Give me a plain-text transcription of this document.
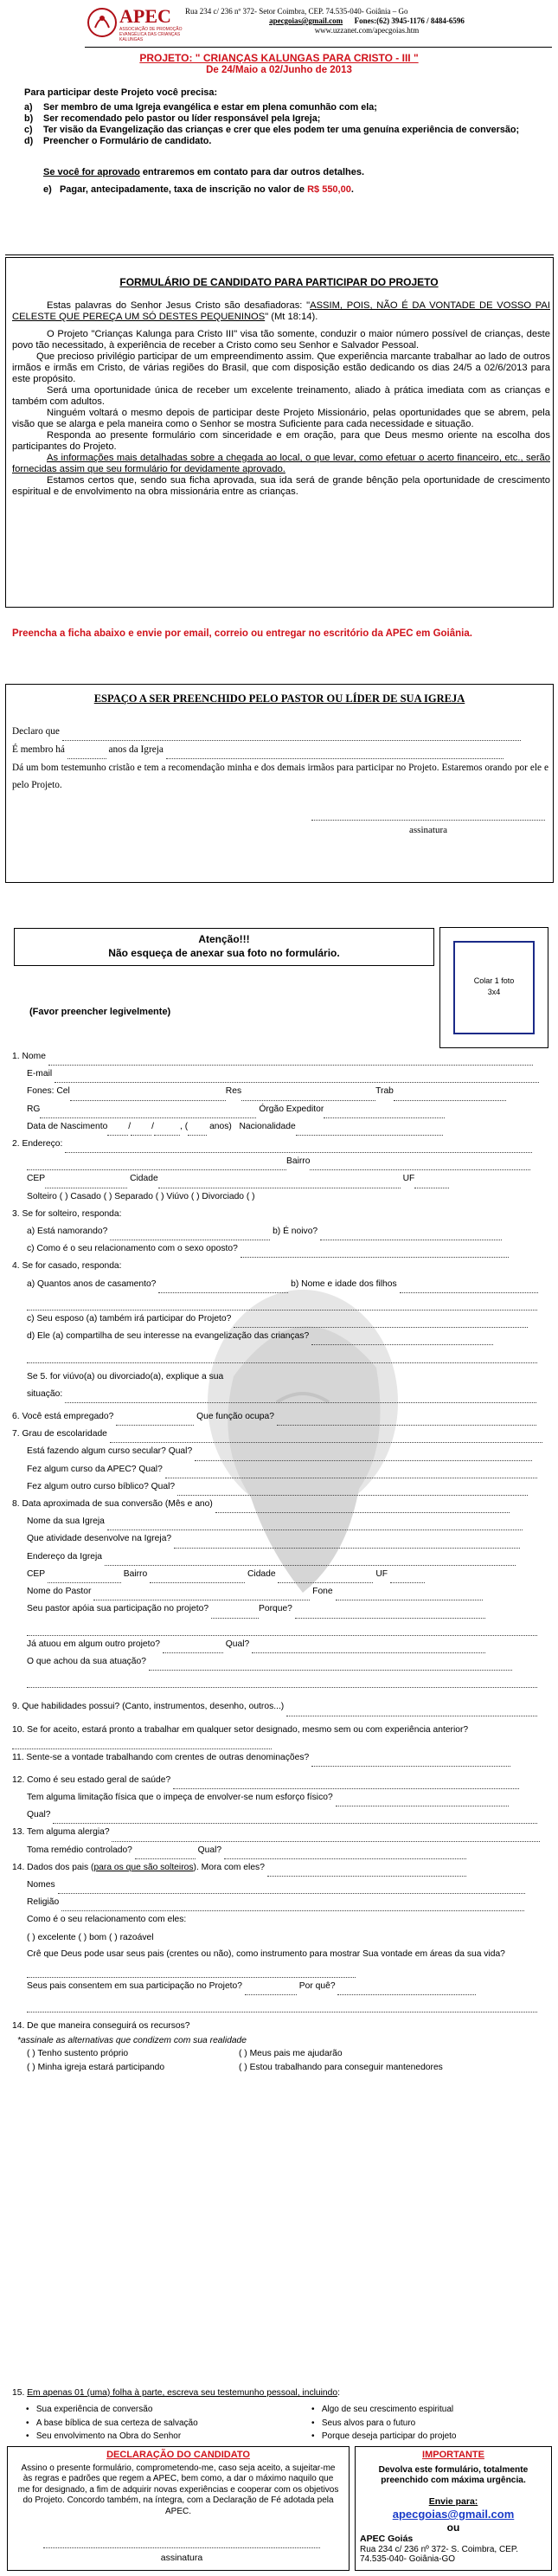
APEC
ASSOCIAÇÃO DE PROMOÇÃO
EVANGÉLICA DAS CRIANÇAS
KALUNGAS
Rua 234 c/ 236 nº 372- Setor Coimbra, CEP. 74.535-040- Goiânia – Go
apecgoias@gmail.com Fones:(62) 3945-1176 / 8484-6596
www.uzzanet.com/apecgoias.htm
PROJETO: " CRIANÇAS KALUNGAS PARA CRISTO - III "
De 24/Maio a 02/Junho de 2013
Para participar deste Projeto você precisa:
a) Ser membro de uma Igreja evangélica e estar em plena comunhão com ela;
b) Ser recomendado pelo pastor ou líder responsável pela Igreja;
c) Ter visão da Evangelização das crianças e crer que eles podem ter uma genuína experiência de conversão;
d) Preencher o Formulário de candidato.
Se você for aprovado entraremos em contato para dar outros detalhes.
e) Pagar, antecipadamente, taxa de inscrição no valor de R$ 550,00.
FORMULÁRIO DE CANDIDATO PARA PARTICIPAR DO PROJETO
Estas palavras do Senhor Jesus Cristo são desafiadoras: "ASSIM, POIS, NÃO É DA VONTADE DE VOSSO PAI CELESTE QUE PEREÇA UM SÓ DESTES PEQUENINOS" (Mt 18:14).
O Projeto "Crianças Kalunga para Cristo III" visa tão somente, conduzir o maior número possível de crianças, deste povo tão necessitado, à experiência de receber a Cristo como seu Senhor e Salvador Pessoal.
Que precioso privilégio participar de um empreendimento assim. Que experiência marcante trabalhar ao lado de outros irmãos e irmãs em Cristo, de várias regiões do Brasil, que com disposição estão dedicando os dias 24/5 a 02/6/2013 para este propósito.
Será uma oportunidade única de receber um excelente treinamento, aliado à prática imediata com as crianças e também com adultos.
Ninguém voltará o mesmo depois de participar deste Projeto Missionário, pelas oportunidades que se abrem, pela visão que se alarga e pela maneira como o Senhor se mostra Suficiente para cada necessidade e situação.
Responda ao presente formulário com sinceridade e em oração, para que Deus mesmo oriente na escolha dos participantes do Projeto.
As informações mais detalhadas sobre a chegada ao local, o que levar, como efetuar o acerto financeiro, etc., serão fornecidas assim que seu formulário for devidamente aprovado.
Estamos certos que, sendo sua ficha aprovada, sua ida será de grande bênção pela oportunidade de crescimento espiritual e de envolvimento na obra missionária entre as crianças.
Preencha a ficha abaixo e envie por email, correio ou entregar no escritório da APEC em Goiânia.
ESPAÇO A SER PREENCHIDO PELO PASTOR OU LÍDER DE SUA IGREJA
Declaro que
É membro há	anos da Igreja
Dá um bom testemunho cristão e tem a recomendação minha e dos demais irmãos para participar no Projeto. Estaremos orando por ele e pelo Projeto.
assinatura
Atenção!!!
Não esqueça de anexar sua foto no formulário.
Colar 1 foto
3x4
(Favor preencher legivelmente)
1. Nome
E-mail
Fones: Cel	Res	Trab
RG	Órgão Expeditor
Data de Nascimento / /	, ( anos) Nacionalidade
2. Endereço:
Bairro
CEP	Cidade	UF
Solteiro ( ) Casado ( ) Separado ( ) Viúvo ( ) Divorciado ( )
3. Se for solteiro, responda:
a) Está namorando?	b) É noivo?
c) Como é o seu relacionamento com o sexo oposto?
4. Se for casado, responda:
a) Quantos anos de casamento?	b) Nome e idade dos filhos
c) Seu esposo (a) também irá participar do Projeto?
d) Ele (a) compartilha de seu interesse na evangelização das crianças?
Se 5. for viúvo(a) ou divorciado(a), explique a sua
situação:
6. Você está empregado?	Que função ocupa?
7. Grau de escolaridade
Está fazendo algum curso secular? Qual?
Fez algum curso da APEC? Qual?
Fez algum outro curso bíblico? Qual?
8. Data aproximada de sua conversão (Mês e ano)
Nome da sua Igreja
Que atividade desenvolve na Igreja?
Endereço da Igreja
CEP	Bairro	Cidade	UF
Nome do Pastor	Fone
Seu pastor apóia sua participação no projeto?	Porque?
Já atuou em algum outro projeto?	Qual?
O que achou da sua atuação?
9. Que habilidades possui? (Canto, instrumentos, desenho, outros...)
10. Se for aceito, estará pronto a trabalhar em qualquer setor designado, mesmo sem ou com experiência anterior?
11. Sente-se a vontade trabalhando com crentes de outras denominações?
12. Como é seu estado geral de saúde?
Tem alguma limitação física que o impeça de envolver-se num esforço físico?
Qual?
13. Tem alguma alergia?
Toma remédio controlado?	Qual?
14. Dados dos pais (para os que são solteiros). Mora com eles?
Nomes
Religião
Como é o seu relacionamento com eles:
( ) excelente ( ) bom ( ) razoável
Crê que Deus pode usar seus pais (crentes ou não), como instrumento para mostrar Sua vontade em áreas da sua vida?
Seus pais consentem em sua participação no Projeto?	Por quê?
14. De que maneira conseguirá os recursos?
*assinale as alternativas que condizem com sua realidade
( ) Tenho sustento próprio	( ) Meus pais me ajudarão
( ) Minha igreja estará participando	( ) Estou trabalhando para conseguir mantenedores
15. Em apenas 01 (uma) folha à parte, escreva seu testemunho pessoal, incluindo:
•   Sua experiência de conversão
•   A base bíblica de sua certeza de salvação
•   Seu envolvimento na Obra do Senhor
•   Algo de seu crescimento espiritual
•   Seus alvos para o futuro
•   Porque deseja participar do projeto
DECLARAÇÃO DO CANDIDATO
Assino o presente formulário, comprometendo-me, caso seja aceito, a sujeitar-me às regras e padrões que regem a APEC, bem como, a dar o máximo naquilo que me for designado, a fim de adquirir novas experiências e cooperar com os objetivos do Projeto. Concordo também, na íntegra, com a Declaração de Fé adotada pela APEC.
assinatura
IMPORTANTE
Devolva este formulário, totalmente preenchido com máxima urgência.
Envie para:
apecgoias@gmail.com
ou
APEC Goiás
Rua 234 c/ 236 nº 372- S. Coimbra, CEP. 74.535-040- Goiânia-GO
